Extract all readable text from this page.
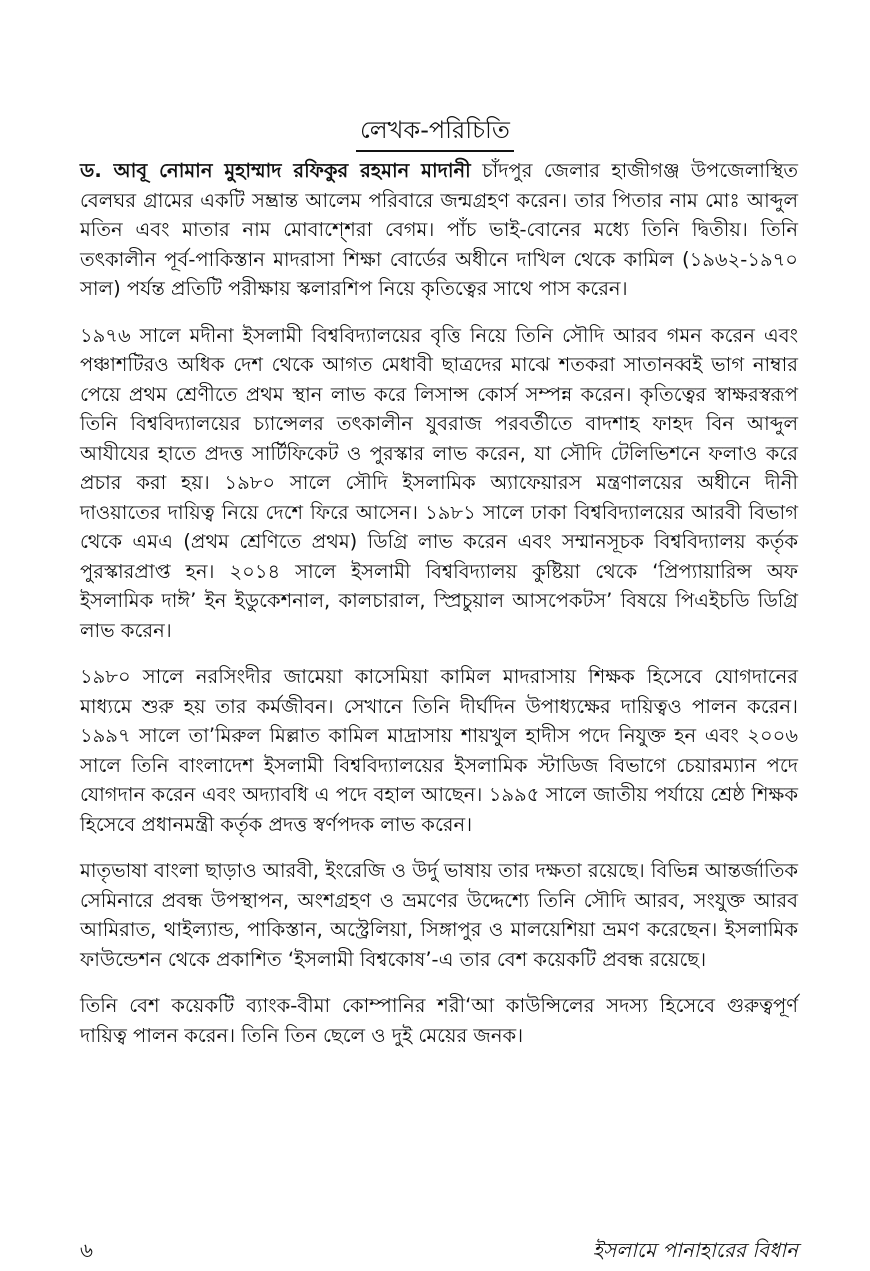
লেখক-পরিচিতি

ড. আবূ নোমান মুহাম্মাদ রফিকুর রহমান মাদানী চাঁদপুর জেলার হাজীগঞ্জ উপজেলাস্থিত বেলঘর গ্রামের একটি সম্ভ্রান্ত আলেম পরিবারে জন্মগ্রহণ করেন। তার পিতার নাম মোঃ আব্দুল মতিন এবং মাতার নাম মোবাশ্শেরা বেগম। পাঁচ ভাই-বোনের মধ্যে তিনি দ্বিতীয়। তিনি তৎকালীন পূর্ব-পাকিস্তান মাদরাসা শিক্ষা বোর্ডের অধীনে দাখিল থেকে কামিল (১৯৬২-১৯৭০ সাল) পর্যন্ত প্রতিটি পরীক্ষায় স্কলারশিপ নিয়ে কৃতিত্বের সাথে পাস করেন।

১৯৭৬ সালে মদীনা ইসলামী বিশ্ববিদ্যালয়ের বৃত্তি নিয়ে তিনি সৌদি আরব গমন করেন এবং পঞ্চাশটিরও অধিক দেশ থেকে আগত মেধাবী ছাত্রদের মাঝে শতকরা সাতানব্বই ভাগ নাম্বার পেয়ে প্রথম শ্রেণীতে প্রথম স্থান লাভ করে লিসান্স কোর্স সম্পন্ন করেন। কৃতিত্বের স্বাক্ষরস্বরূপ তিনি বিশ্ববিদ্যালয়ের চ্যান্সেলর তৎকালীন যুবরাজ পরবর্তীতে বাদশাহ ফাহদ বিন আব্দুল আযীযের হাতে প্রদত্ত সার্টিফিকেট ও পুরস্কার লাভ করেন, যা সৌদি টেলিভিশনে ফলাও করে প্রচার করা হয়। ১৯৮০ সালে সৌদি ইসলামিক অ্যাফেয়ারস মন্ত্রণালয়ের অধীনে দীনী দাওয়াতের দায়িত্ব নিয়ে দেশে ফিরে আসেন। ১৯৮১ সালে ঢাকা বিশ্ববিদ্যালয়ের আরবী বিভাগ থেকে এমএ (প্রথম শ্রেণিতে প্রথম) ডিগ্রি লাভ করেন এবং সম্মানসূচক বিশ্ববিদ্যালয় কর্তৃক পুরস্কারপ্রাপ্ত হন। ২০১৪ সালে ইসলামী বিশ্ববিদ্যালয় কুষ্টিয়া থেকে ‘প্রিপ্যায়ারিন্স অফ ইসলামিক দাঈ’ ইন ইডুকেশনাল, কালচারাল, স্প্রিচুয়াল আসপেকটস’ বিষয়ে পিএইচডি ডিগ্রি লাভ করেন।

১৯৮০ সালে নরসিংদীর জামেয়া কাসেমিয়া কামিল মাদরাসায় শিক্ষক হিসেবে যোগদানের মাধ্যমে শুরু হয় তার কর্মজীবন। সেখানে তিনি দীর্ঘদিন উপাধ্যক্ষের দায়িত্বও পালন করেন। ১৯৯৭ সালে তা’মিরুল মিল্লাত কামিল মাদ্রাসায় শায়খুল হাদীস পদে নিযুক্ত হন এবং ২০০৬ সালে তিনি বাংলাদেশ ইসলামী বিশ্ববিদ্যালয়ের ইসলামিক স্টাডিজ বিভাগে চেয়ারম্যান পদে যোগদান করেন এবং অদ্যাবধি এ পদে বহাল আছেন। ১৯৯৫ সালে জাতীয় পর্যায়ে শ্রেষ্ঠ শিক্ষক হিসেবে প্রধানমন্ত্রী কর্তৃক প্রদত্ত স্বর্ণপদক লাভ করেন।

মাতৃভাষা বাংলা ছাড়াও আরবী, ইংরেজি ও উর্দু ভাষায় তার দক্ষতা রয়েছে। বিভিন্ন আন্তর্জাতিক সেমিনারে প্রবন্ধ উপস্থাপন, অংশগ্রহণ ও ভ্রমণের উদ্দেশ্যে তিনি সৌদি আরব, সংযুক্ত আরব আমিরাত, থাইল্যান্ড, পাকিস্তান, অস্ট্রেলিয়া, সিঙ্গাপুর ও মালয়েশিয়া ভ্রমণ করেছেন। ইসলামিক ফাউন্ডেশন থেকে প্রকাশিত ‘ইসলামী বিশ্বকোষ’-এ তার বেশ কয়েকটি প্রবন্ধ রয়েছে।

তিনি বেশ কয়েকটি ব্যাংক-বীমা কোম্পানির শরী‘আ কাউন্সিলের সদস্য হিসেবে গুরুত্বপূর্ণ দায়িত্ব পালন করেন। তিনি তিন ছেলে ও দুই মেয়ের জনক।

৬	ইসলামে পানাহারের বিধান
